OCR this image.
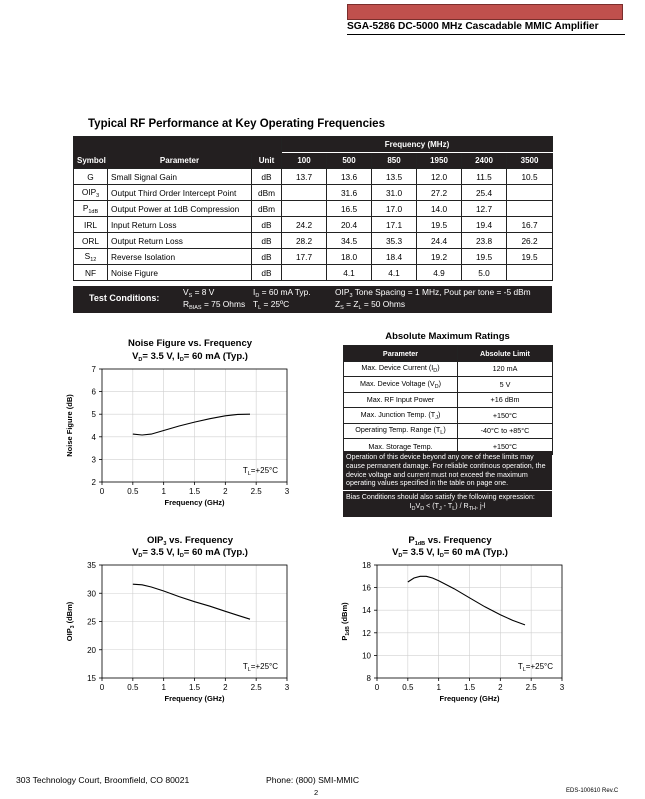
SGA-5286 DC-5000 MHz Cascadable MMIC Amplifier
Typical RF Performance at Key Operating Frequencies
			Frequency (MHz)					
Symbol	Parameter	Unit	100	500	850	1950	2400	3500
G	Small Signal Gain	dB	13.7	13.6	13.5	12.0	11.5	10.5
$OIP_3$	Output Third Order Intercept Point	dBm		31.6	31.0	27.2	25.4	
$P_{1dB}$	Output Power at 1dB Compression	dBm		16.5	17.0	14.0	12.7	
IRL	Input Return Loss	dB	24.2	20.4	17.1	19.5	19.4	16.7
ORL	Output Return Loss	dB	28.2	34.5	35.3	24.4	23.8	26.2
$S_{12}$	Reverse Isolation	dB	17.7	18.0	18.4	19.2	19.5	19.5
NF	Noise Figure	dB		4.1	4.1	4.9	5.0	
Test Conditions:
$V_S = 8$ V
$R_{BIAS} = 75$ Ohms
$I_D = 60$ mA Typ.
$T_L$ = 25ºC
$OIP_3$ Tone Spacing = 1 MHz, Pout per tone = -5 dBm
$Z_S = Z_L = 50$ Ohms
Noise Figure vs. Frequency
$V_D= 3.5$ V, $I_D= 60$ mA (Typ.)
0	0.5	1	1.5	2	2.5	3
2
3
4
5
6
7
Frequency (GHz)
Noise Figure (dB)
$T_L=+25^\circ C$
Absolute Maximum Ratings
Parameter	Absolute Limit
Max. Device Current $(I_D)$	120 mA
Max. Device Voltage $(V_D)$	5 V
Max. RF Input Power	+16 dBm
Max. Junction Temp. $(T_J)$	+150°C
Operating Temp. Range $(T_L)$	-40°C to +85°C
Max. Storage Temp.	+150°C
Operation of this device beyond any one of these limits may cause permanent damage. For reliable continous operation, the device voltage and current must not exceed the maximum operating values specified in the table on page one.
Bias Conditions should also satisfy the following expression:
$I_DV_D < (T_J - T_L) / R_{TH}$, j-l
$OIP_3$ vs. Frequency
$V_D= 3.5$ V, $I_D= 60$ mA (Typ.)
0	0.5	1	1.5	2	2.5	3
15
20
25
30
35
Frequency (GHz)
$OIP_3$ (dBm)
$T_L=+25^\circ C$
$P_{1dB}$ vs. Frequency
$V_D= 3.5$ V, $I_D= 60$ mA (Typ.)
0	0.5	1	1.5	2	2.5	3
8
10
12
14
16
18
Frequency (GHz)
$P_{1dB}$ (dBm)
$T_L=+25^\circ C$
303 Technology Court, Broomfield, CO 80021	Phone: (800) SMI-MMIC
2	EDS-100610 Rev.C
